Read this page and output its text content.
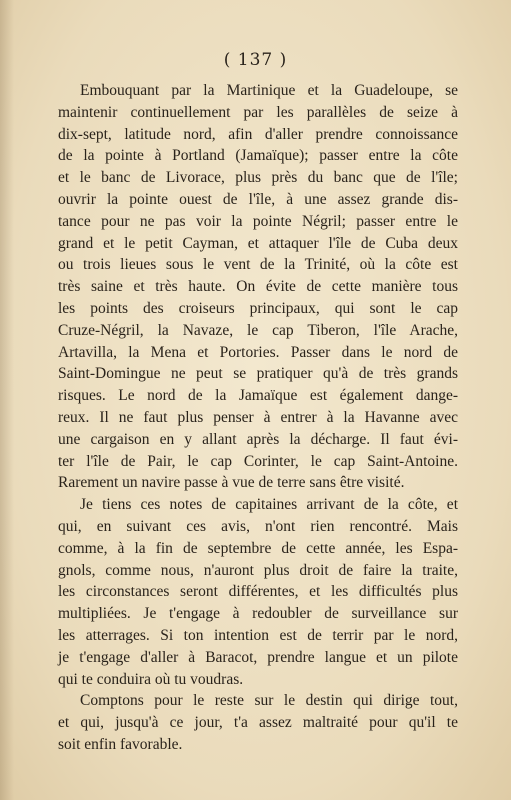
( 137 )
Embouquant par la Martinique et la Guadeloupe, se
maintenir continuellement par les parallèles de seize à
dix-sept, latitude nord, afin d'aller prendre connoissance
de la pointe à Portland (Jamaïque); passer entre la côte
et le banc de Livorace, plus près du banc que de l'île;
ouvrir la pointe ouest de l'île, à une assez grande dis-
tance pour ne pas voir la pointe Négril; passer entre le
grand et le petit Cayman, et attaquer l'île de Cuba deux
ou trois lieues sous le vent de la Trinité, où la côte est
très saine et très haute. On évite de cette manière tous
les points des croiseurs principaux, qui sont le cap
Cruze-Négril, la Navaze, le cap Tiberon, l'île Arache,
Artavilla, la Mena et Portories. Passer dans le nord de
Saint-Domingue ne peut se pratiquer qu'à de très grands
risques. Le nord de la Jamaïque est également dange-
reux. Il ne faut plus penser à entrer à la Havanne avec
une cargaison en y allant après la décharge. Il faut évi-
ter l'île de Pair, le cap Corinter, le cap Saint-Antoine.
Rarement un navire passe à vue de terre sans être visité.
Je tiens ces notes de capitaines arrivant de la côte, et
qui, en suivant ces avis, n'ont rien rencontré. Mais
comme, à la fin de septembre de cette année, les Espa-
gnols, comme nous, n'auront plus droit de faire la traite,
les circonstances seront différentes, et les difficultés plus
multipliées. Je t'engage à redoubler de surveillance sur
les atterrages. Si ton intention est de terrir par le nord,
je t'engage d'aller à Baracot, prendre langue et un pilote
qui te conduira où tu voudras.
Comptons pour le reste sur le destin qui dirige tout,
et qui, jusqu'à ce jour, t'a assez maltraité pour qu'il te
soit enfin favorable.
